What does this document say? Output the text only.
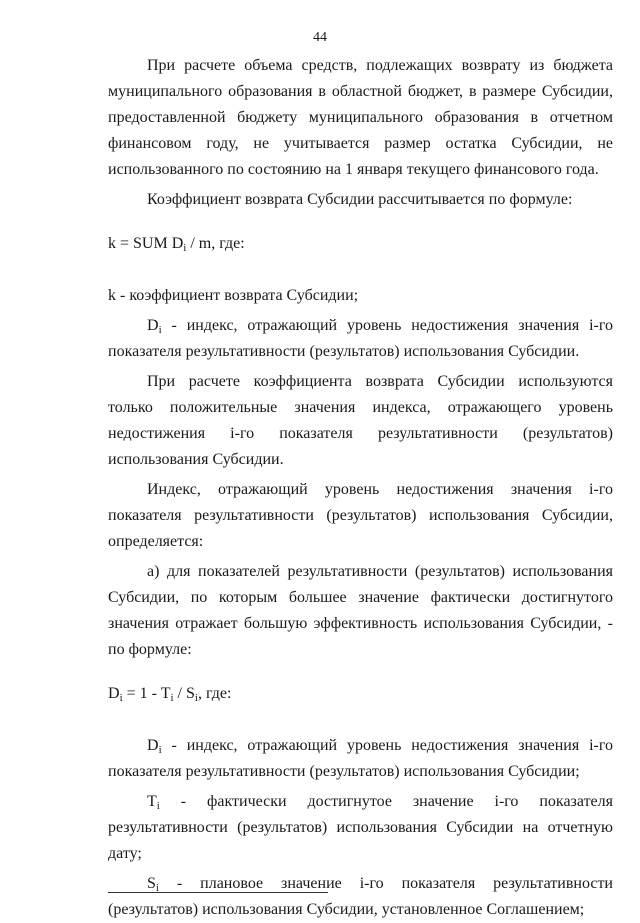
44

При расчете объема средств, подлежащих возврату из бюджета муниципального образования в областной бюджет, в размере Субсидии, предоставленной бюджету муниципального образования в отчетном финансовом году, не учитывается размер остатка Субсидии, не использованного по состоянию на 1 января текущего финансового года.

Коэффициент возврата Субсидии рассчитывается по формуле:

k = SUM $D_i$ / m, где:

k - коэффициент возврата Субсидии;

$D_i$ - индекс, отражающий уровень недостижения значения i-го показателя результативности (результатов) использования Субсидии.

При расчете коэффициента возврата Субсидии используются только положительные значения индекса, отражающего уровень недостижения i-го показателя результативности (результатов) использования Субсидии.

Индекс, отражающий уровень недостижения значения i-го показателя результативности (результатов) использования Субсидии, определяется:

а) для показателей результативности (результатов) использования Субсидии, по которым большее значение фактически достигнутого значения отражает большую эффективность использования Субсидии, - по формуле:

$D_i = 1 - T_i / S_i$, где:

$D_i$ - индекс, отражающий уровень недостижения значения i-го показателя результативности (результатов) использования Субсидии;

$T_i$ - фактически достигнутое значение i-го показателя результативности (результатов) использования Субсидии на отчетную дату;

$S_i$ - плановое значение i-го показателя результативности (результатов) использования Субсидии, установленное Соглашением;
